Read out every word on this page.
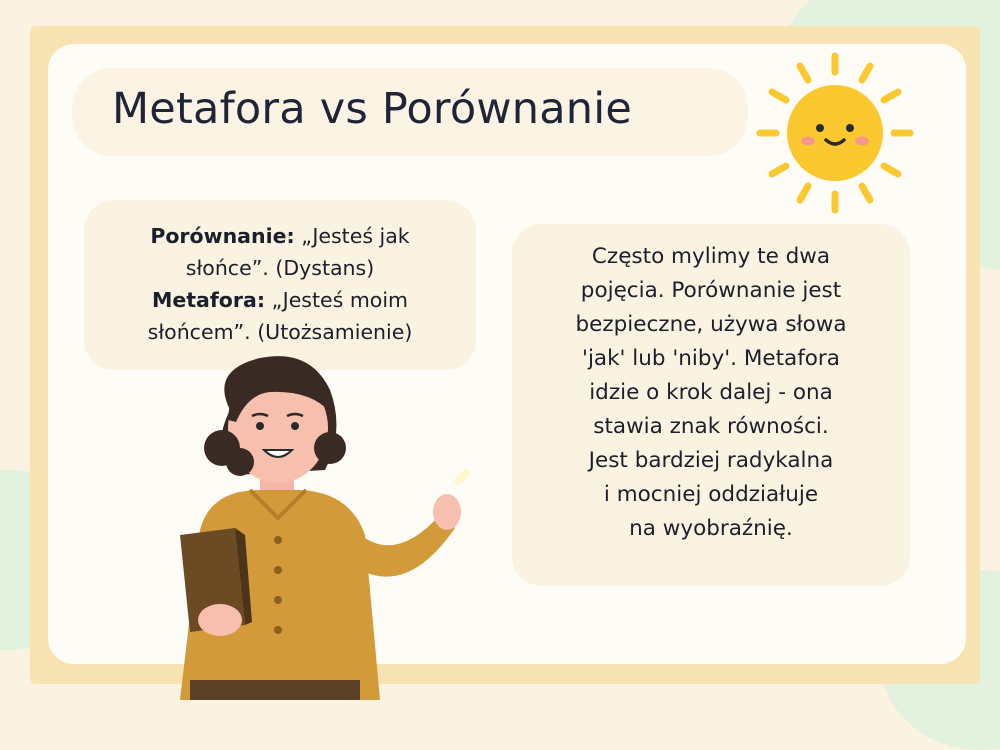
Metafora vs Porównanie
Porównanie: „Jesteś jak
słońce”. (Dystans)
Metafora: „Jesteś moim
słońcem”. (Utożsamienie)
Często mylimy te dwa
pojęcia. Porównanie jest
bezpieczne, używa słowa
'jak' lub 'niby'. Metafora
idzie o krok dalej - ona
stawia znak równości.
Jest bardziej radykalna
i mocniej oddziałuje
na wyobraźnię.
